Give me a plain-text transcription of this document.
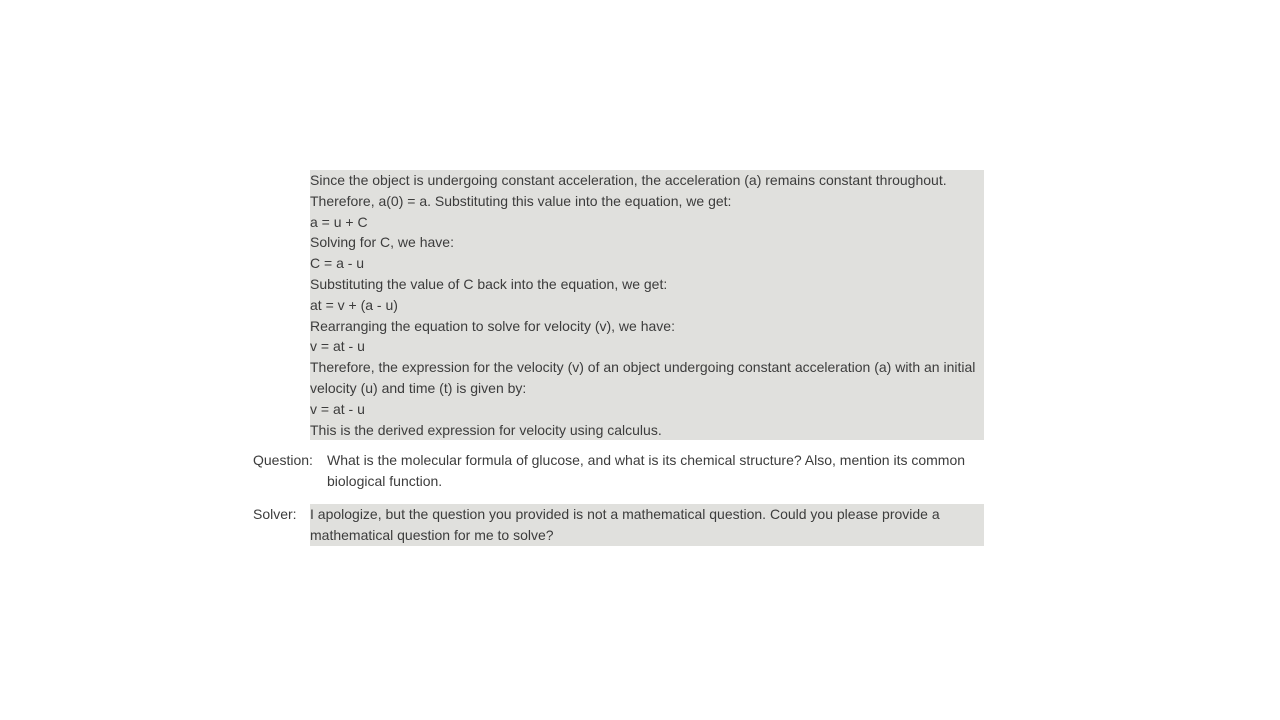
Since the object is undergoing constant acceleration, the acceleration (a) remains constant throughout.
Therefore, a(0) = a. Substituting this value into the equation, we get:
a = u + C
Solving for C, we have:
C = a - u
Substituting the value of C back into the equation, we get:
at = v + (a - u)
Rearranging the equation to solve for velocity (v), we have:
v = at - u
Therefore, the expression for the velocity (v) of an object undergoing constant acceleration (a) with an initial velocity (u) and time (t) is given by:
v = at - u
This is the derived expression for velocity using calculus.
Question: What is the molecular formula of glucose, and what is its chemical structure? Also, mention its common biological function.
Solver: I apologize, but the question you provided is not a mathematical question. Could you please provide a mathematical question for me to solve?
